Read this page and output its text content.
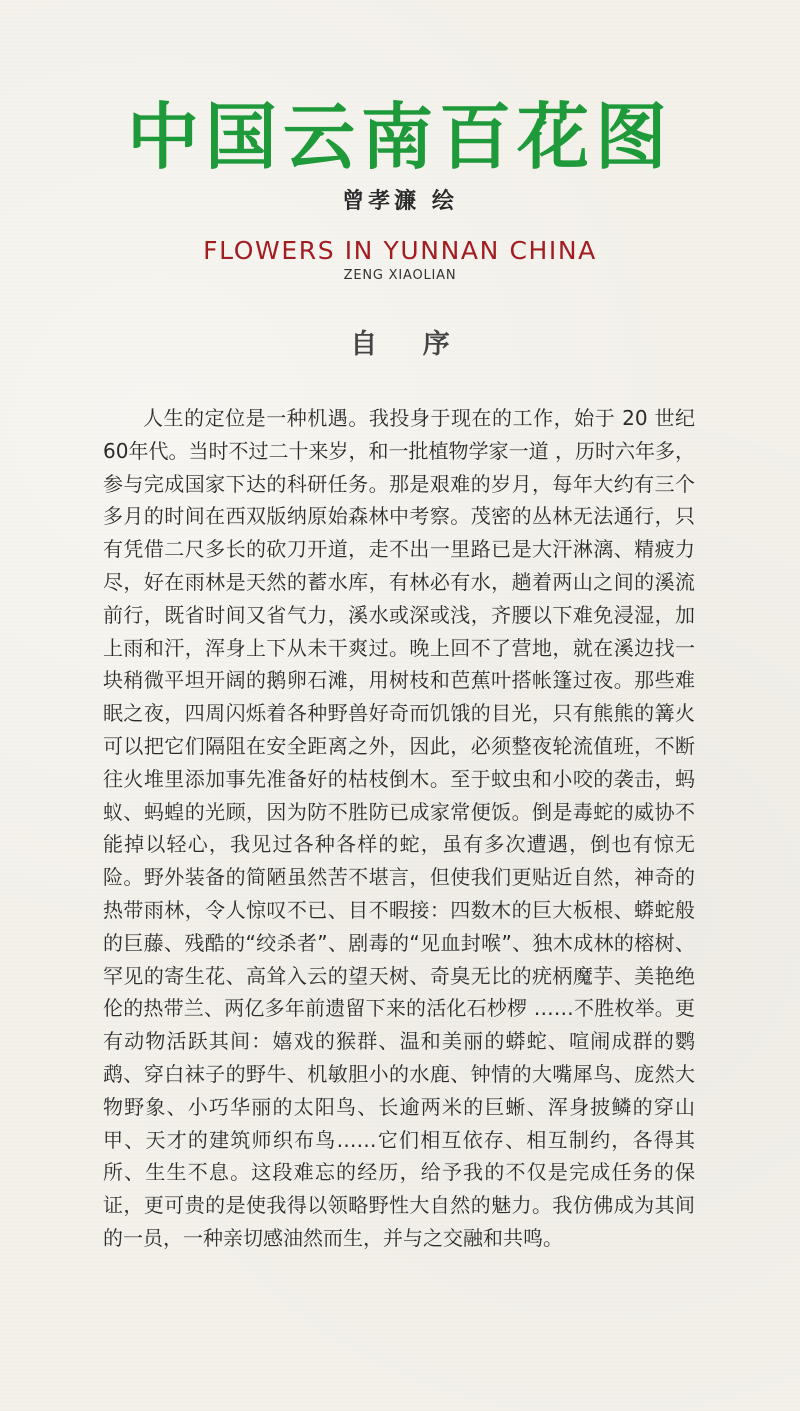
中国云南百花图
曾孝濂 绘
FLOWERS IN YUNNAN CHINA
ZENG XIAOLIAN
自 序

人生的定位是一种机遇。我投身于现在的工作，始于 20 世纪 60年代。当时不过二十来岁，和一批植物学家一道 ，历时六年多，参与完成国家下达的科研任务。那是艰难的岁月，每年大约有三个多月的时间在西双版纳原始森林中考察。茂密的丛林无法通行，只有凭借二尺多长的砍刀开道，走不出一里路已是大汗淋漓、精疲力尽，好在雨林是天然的蓄水库，有林必有水，趟着两山之间的溪流前行，既省时间又省气力，溪水或深或浅，齐腰以下难免浸湿，加上雨和汗，浑身上下从未干爽过。晚上回不了营地，就在溪边找一块稍微平坦开阔的鹅卵石滩，用树枝和芭蕉叶搭帐篷过夜。那些难眠之夜，四周闪烁着各种野兽好奇而饥饿的目光，只有熊熊的篝火可以把它们隔阻在安全距离之外，因此，必须整夜轮流值班，不断往火堆里添加事先准备好的枯枝倒木。至于蚊虫和小咬的袭击，蚂蚁、蚂蝗的光顾，因为防不胜防已成家常便饭。倒是毒蛇的威协不能掉以轻心，我见过各种各样的蛇，虽有多次遭遇，倒也有惊无险。野外装备的简陋虽然苦不堪言，但使我们更贴近自然，神奇的热带雨林，令人惊叹不已、目不暇接：四数木的巨大板根、蟒蛇般的巨藤、残酷的“绞杀者”、剧毒的“见血封喉”、独木成林的榕树、罕见的寄生花、高耸入云的望天树、奇臭无比的疣柄魔芋、美艳绝伦的热带兰、两亿多年前遗留下来的活化石杪椤 ……不胜枚举。更有动物活跃其间：嬉戏的猴群、温和美丽的蟒蛇、喧闹成群的鹦鹉、穿白袜子的野牛、机敏胆小的水鹿、钟情的大嘴犀鸟、庞然大物野象、小巧华丽的太阳鸟、长逾两米的巨蜥、浑身披鳞的穿山甲、天才的建筑师织布鸟……它们相互依存、相互制约，各得其所、生生不息。这段难忘的经历，给予我的不仅是完成任务的保证，更可贵的是使我得以领略野性大自然的魅力。我仿佛成为其间的一员，一种亲切感油然而生，并与之交融和共鸣。
